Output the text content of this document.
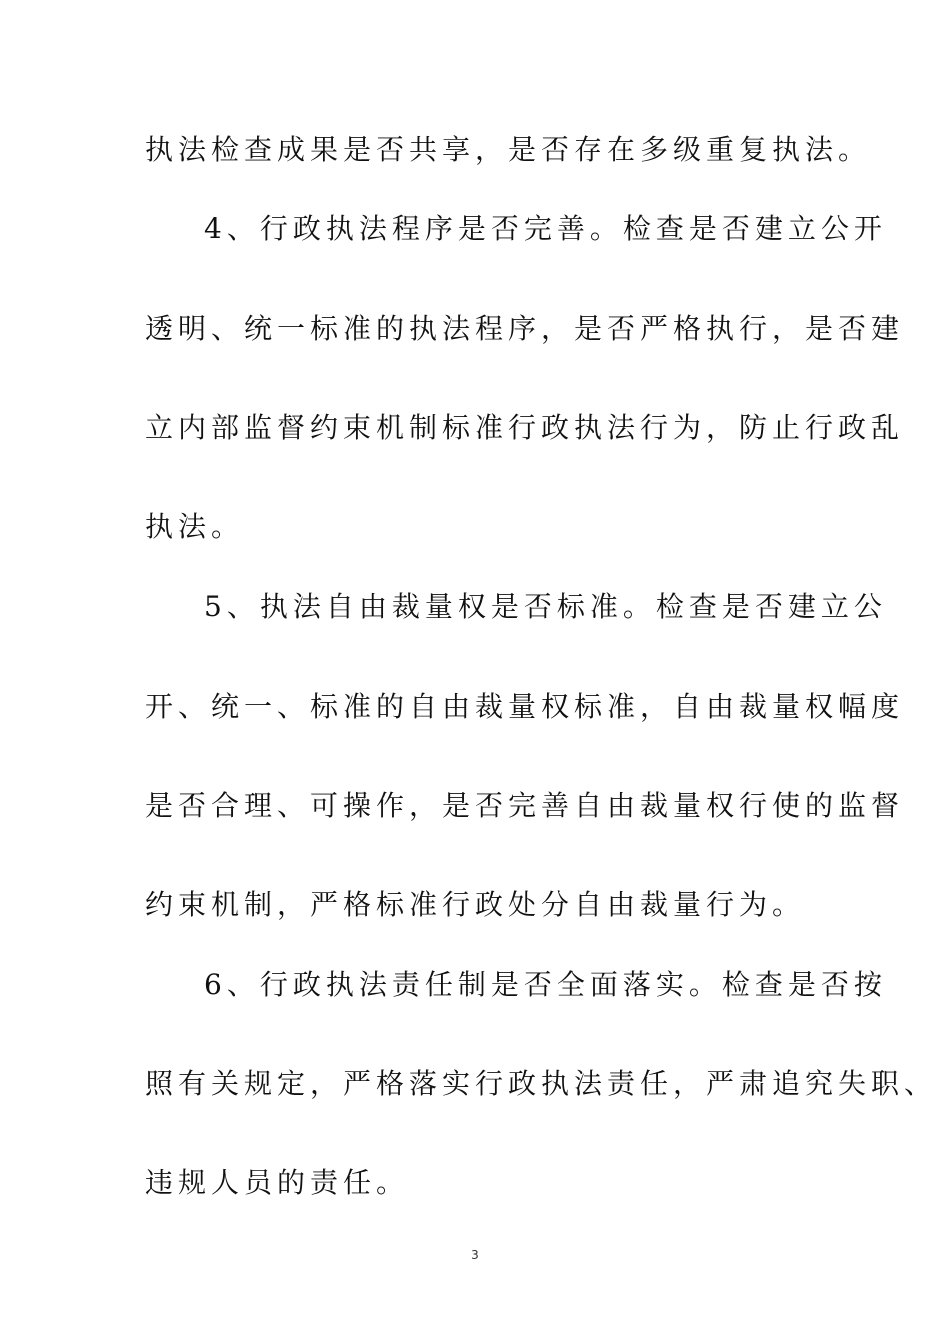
执法检查成果是否共享，是否存在多级重复执法。
4、行政执法程序是否完善。检查是否建立公开
透明、统一标准的执法程序，是否严格执行，是否建
立内部监督约束机制标准行政执法行为，防止行政乱
执法。
5、执法自由裁量权是否标准。检查是否建立公
开、统一、标准的自由裁量权标准，自由裁量权幅度
是否合理、可操作，是否完善自由裁量权行使的监督
约束机制，严格标准行政处分自由裁量行为。
6、行政执法责任制是否全面落实。检查是否按
照有关规定，严格落实行政执法责任，严肃追究失职、
违规人员的责任。
3
